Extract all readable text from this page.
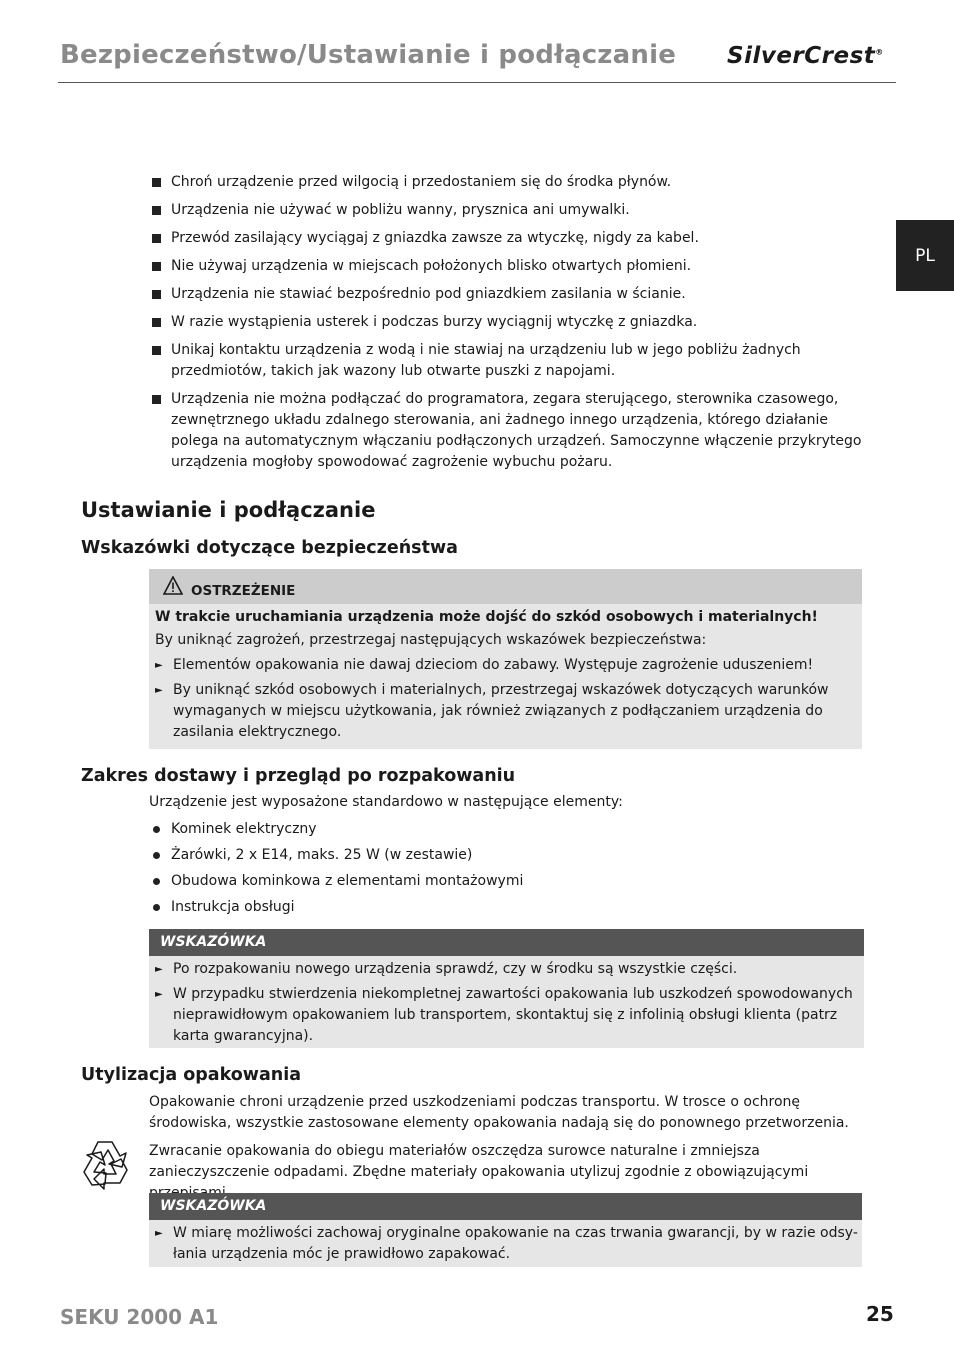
Bezpieczeństwo/Ustawianie i podłączanie SilverCrest®
PL
Chroń urządzenie przed wilgocią i przedostaniem się do środka płynów.
Urządzenia nie używać w pobliżu wanny, prysznica ani umywalki.
Przewód zasilający wyciągaj z gniazdka zawsze za wtyczkę, nigdy za kabel.
Nie używaj urządzenia w miejscach położonych blisko otwartych płomieni.
Urządzenia nie stawiać bezpośrednio pod gniazdkiem zasilania w ścianie.
W razie wystąpienia usterek i podczas burzy wyciągnij wtyczkę z gniazdka.
Unikaj kontaktu urządzenia z wodą i nie stawiaj na urządzeniu lub w jego pobliżu żadnych przedmiotów, takich jak wazony lub otwarte puszki z napojami.
Urządzenia nie można podłączać do programatora, zegara sterującego, sterownika czasowego, zewnętrznego układu zdalnego sterowania, ani żadnego innego urządzenia, którego działanie polega na automatycznym włączaniu podłączonych urządzeń. Samoczynne włączenie przykrytego urządzenia mogłoby spowodować zagrożenie wybuchu pożaru.
Ustawianie i podłączanie
Wskazówki dotyczące bezpieczeństwa
OSTRZEŻENIE

W trakcie uruchamiania urządzenia może dojść do szkód osobowych i materialnych!

By uniknąć zagrożeń, przestrzegaj następujących wskazówek bezpieczeństwa:

► Elementów opakowania nie dawaj dzieciom do zabawy. Występuje zagrożenie uduszeniem!
► By uniknąć szkód osobowych i materialnych, przestrzegaj wskazówek dotyczących warunków wymaganych w miejscu użytkowania, jak również związanych z podłączaniem urządzenia do zasilania elektrycznego.
Zakres dostawy i przegląd po rozpakowaniu

Urządzenie jest wyposażone standardowo w następujące elementy:

Kominek elektryczny
Żarówki, 2 x E14, maks. 25 W (w zestawie)
Obudowa kominkowa z elementami montażowymi
Instrukcja obsługi
WSKAZÓWKA
► Po rozpakowaniu nowego urządzenia sprawdź, czy w środku są wszystkie części.
► W przypadku stwierdzenia niekompletnej zawartości opakowania lub uszkodzeń spowodowanych nieprawidłowym opakowaniem lub transportem, skontaktuj się z infolinią obsługi klienta (patrz karta gwarancyjna).
Utylizacja opakowania

Opakowanie chroni urządzenie przed uszkodzeniami podczas transportu. W trosce o ochronę środowiska, wszystkie zastosowane elementy opakowania nadają się do ponownego przetworzenia.

Zwracanie opakowania do obiegu materiałów oszczędza surowce naturalne i zmniejsza zanieczyszczenie odpadami. Zbędne materiały opakowania utylizuj zgodnie z obowiązującymi

WSKAZÓWKA
► W miarę możliwości zachowaj oryginalne opakowanie na czas trwania gwarancji, by w razie odsy- łania urządzenia móc je prawidłowo zapakować.
SEKU 2000 A1	25
